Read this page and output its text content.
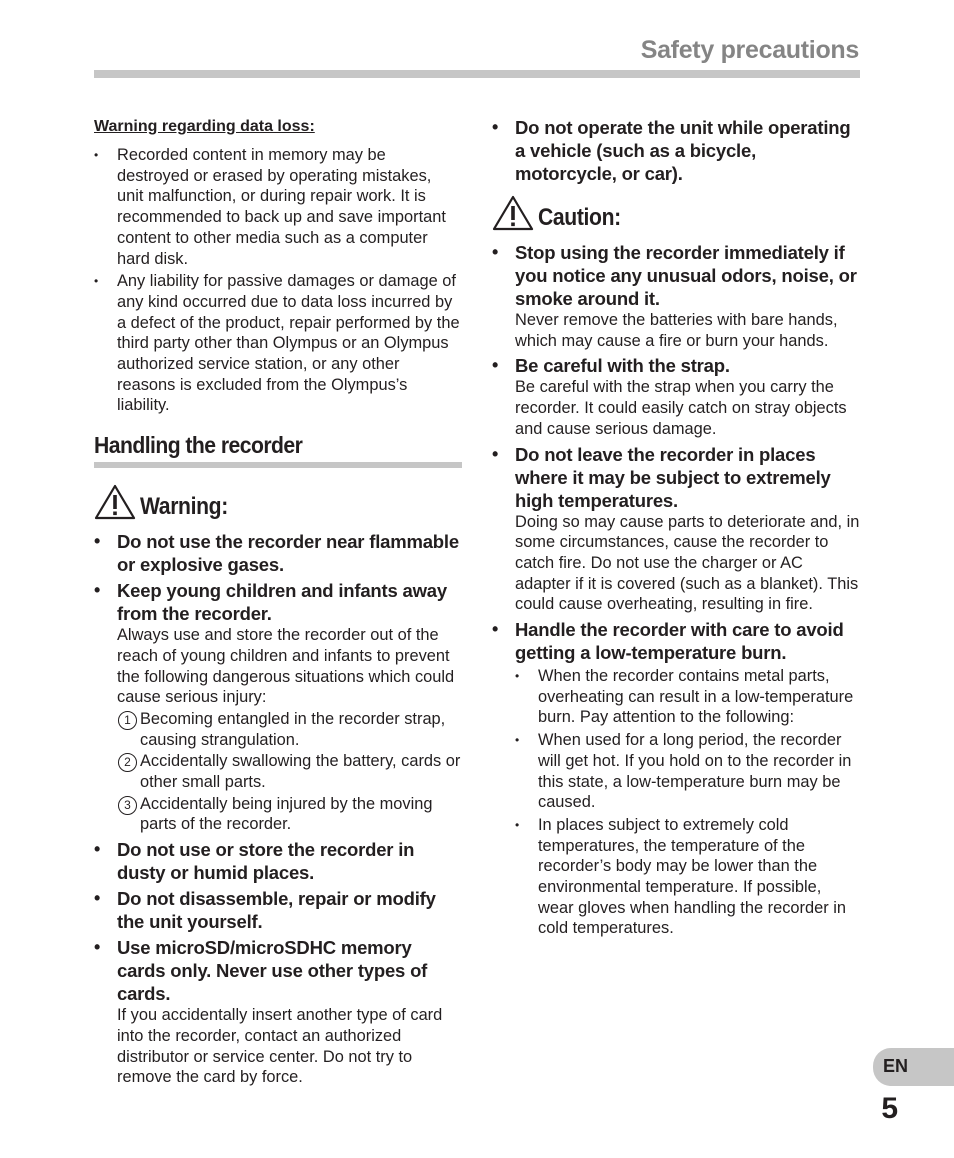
Safety precautions
Warning regarding data loss:
• Recorded content in memory may be destroyed or erased by operating mistakes, unit malfunction, or during repair work. It is recommended to back up and save important content to other media such as a computer hard disk.
• Any liability for passive damages or damage of any kind occurred due to data loss incurred by a defect of the product, repair performed by the third party other than Olympus or an Olympus authorized service station, or any other reasons is excluded from the Olympus’s liability.
Handling the recorder
Warning:
• Do not use the recorder near flammable or explosive gases.
• Keep young children and infants away from the recorder.
Always use and store the recorder out of the reach of young children and infants to prevent the following dangerous situations which could cause serious injury:
1 Becoming entangled in the recorder strap, causing strangulation.
2 Accidentally swallowing the battery, cards or other small parts.
3 Accidentally being injured by the moving parts of the recorder.
• Do not use or store the recorder in dusty or humid places.
• Do not disassemble, repair or modify the unit yourself.
• Use microSD/microSDHC memory cards only. Never use other types of cards.
If you accidentally insert another type of card into the recorder, contact an authorized distributor or service center. Do not try to remove the card by force.
• Do not operate the unit while operating a vehicle (such as a bicycle, motorcycle, or car).
Caution:
• Stop using the recorder immediately if you notice any unusual odors, noise, or smoke around it.
Never remove the batteries with bare hands, which may cause a fire or burn your hands.
• Be careful with the strap.
Be careful with the strap when you carry the recorder. It could easily catch on stray objects and cause serious damage.
• Do not leave the recorder in places where it may be subject to extremely high temperatures.
Doing so may cause parts to deteriorate and, in some circumstances, cause the recorder to catch fire. Do not use the charger or AC adapter if it is covered (such as a blanket). This could cause overheating, resulting in fire.
• Handle the recorder with care to avoid getting a low-temperature burn.
• When the recorder contains metal parts, overheating can result in a low-temperature burn. Pay attention to the following:
• When used for a long period, the recorder will get hot. If you hold on to the recorder in this state, a low-temperature burn may be caused.
• In places subject to extremely cold temperatures, the temperature of the recorder’s body may be lower than the environmental temperature. If possible, wear gloves when handling the recorder in cold temperatures.
EN
5
